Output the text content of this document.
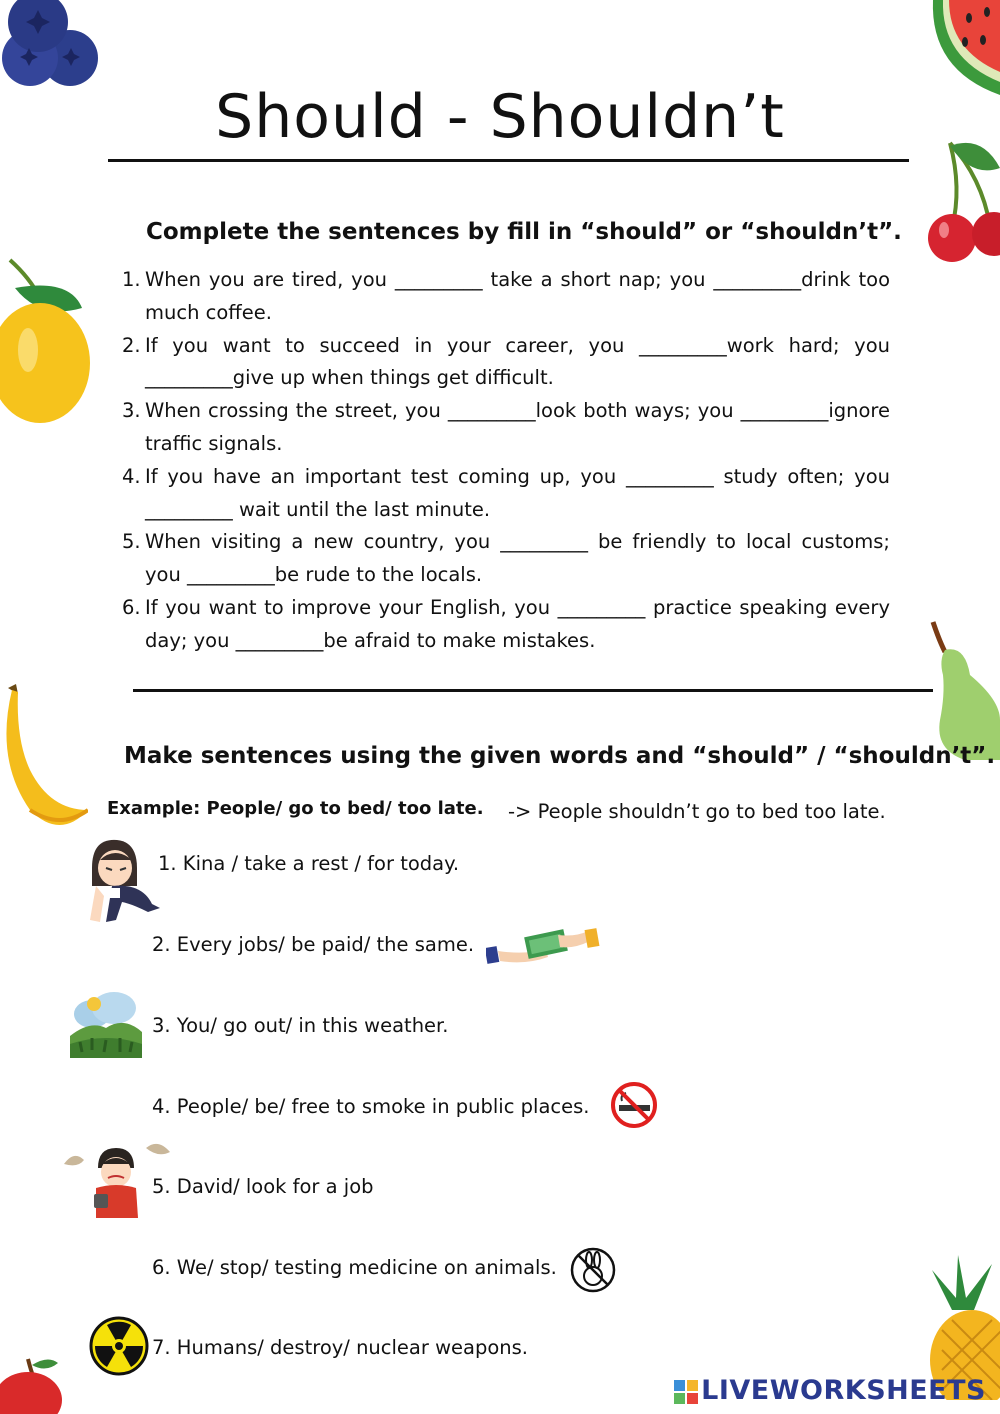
Should - Shouldn’t
Complete the sentences by fill in “should” or “shouldn’t”.
1. When you are tired, you _________ take a short nap; you _________drink too much coffee.
2. If you want to succeed in your career, you _________work hard; you _________give up when things get difficult.
3. When crossing the street, you _________look both ways; you _________ignore traffic signals.
4. If you have an important test coming up, you _________ study often; you _________ wait until the last minute.
5. When visiting a new country, you _________ be friendly to local customs; you _________be rude to the locals.
6. If you want to improve your English, you _________ practice speaking every day; you _________be afraid to make mistakes.
Make sentences using the given words and “should” / “shouldn’t”.
Example: People/ go to bed/ too late. -> People shouldn’t go to bed too late.
1. Kina / take a rest / for today.
2. Every jobs/ be paid/ the same.
3. You/ go out/ in this weather.
4. People/ be/ free to smoke in public places.
5. David/ look for a job
6. We/ stop/ testing medicine on animals.
7. Humans/ destroy/ nuclear weapons.
LIVEWORKSHEETS
